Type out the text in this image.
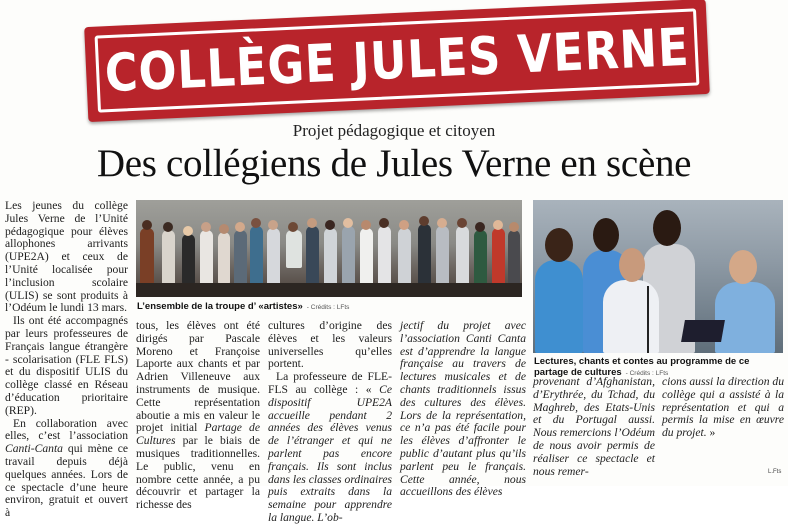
COLLÈGE JULES VERNE
Projet pédagogique et citoyen
Des collégiens de Jules Verne en scène

Les jeunes du collège Jules Verne de l’Unité pédagogique pour élèves allophones arrivants (UPE2A) et ceux de l’Unité localisée pour l’inclusion scolaire (ULIS) se sont produits à l’Odéum le lundi 13 mars.

Ils ont été accompagnés par leurs professeures de Français langue étrangère - scolarisation (FLE FLS) et du dispositif ULIS du collège classé en Réseau d’éducation prioritaire (REP).

En collaboration avec elles, c’est l’association Canti-Canta qui mène ce travail depuis déjà quelques années. Lors de ce spectacle d’une heure environ, gratuit et ouvert à

L’ensemble de la troupe d’ «artistes» - Crédits : LFts

tous, les élèves ont été dirigés par Pascale Moreno et Françoise Laporte aux chants et par Adrien Villeneuve aux instruments de musique. Cette représentation aboutie a mis en valeur le projet initial Partage de Cultures par le biais de musiques traditionnelles. Le public, venu en nombre cette année, a pu découvrir et partager la richesse des

cultures d’origine des élèves et les valeurs universelles qu’elles portent.

La professeure de FLE-FLS au collège : « Ce dispositif UPE2A accueille pendant 2 années des élèves venus de l’étranger et qui ne parlent pas encore français. Ils sont inclus dans les classes ordinaires puis extraits dans la semaine pour apprendre la langue. L’ob-

jectif du projet avec l’association Canti Canta est d’apprendre la langue française au travers de lectures musicales et de chants traditionnels issus des cultures des élèves. Lors de la représentation, ce n’a pas été facile pour les élèves d’affronter le public d’autant plus qu’ils parlent peu le français. Cette année, nous accueillons des élèves

Lectures, chants et contes au programme de ce partage de cultures - Crédits : LFts

provenant d’Afghanistan, d’Erythrée, du Tchad, du Maghreb, des Etats-Unis et du Portugal aussi. Nous remercions l’Odéum de nous avoir permis de réaliser ce spectacle et nous remer-

cions aussi la direction du collège qui a assisté à la représentation et qui a permis la mise en œuvre du projet. »

L.Fts
